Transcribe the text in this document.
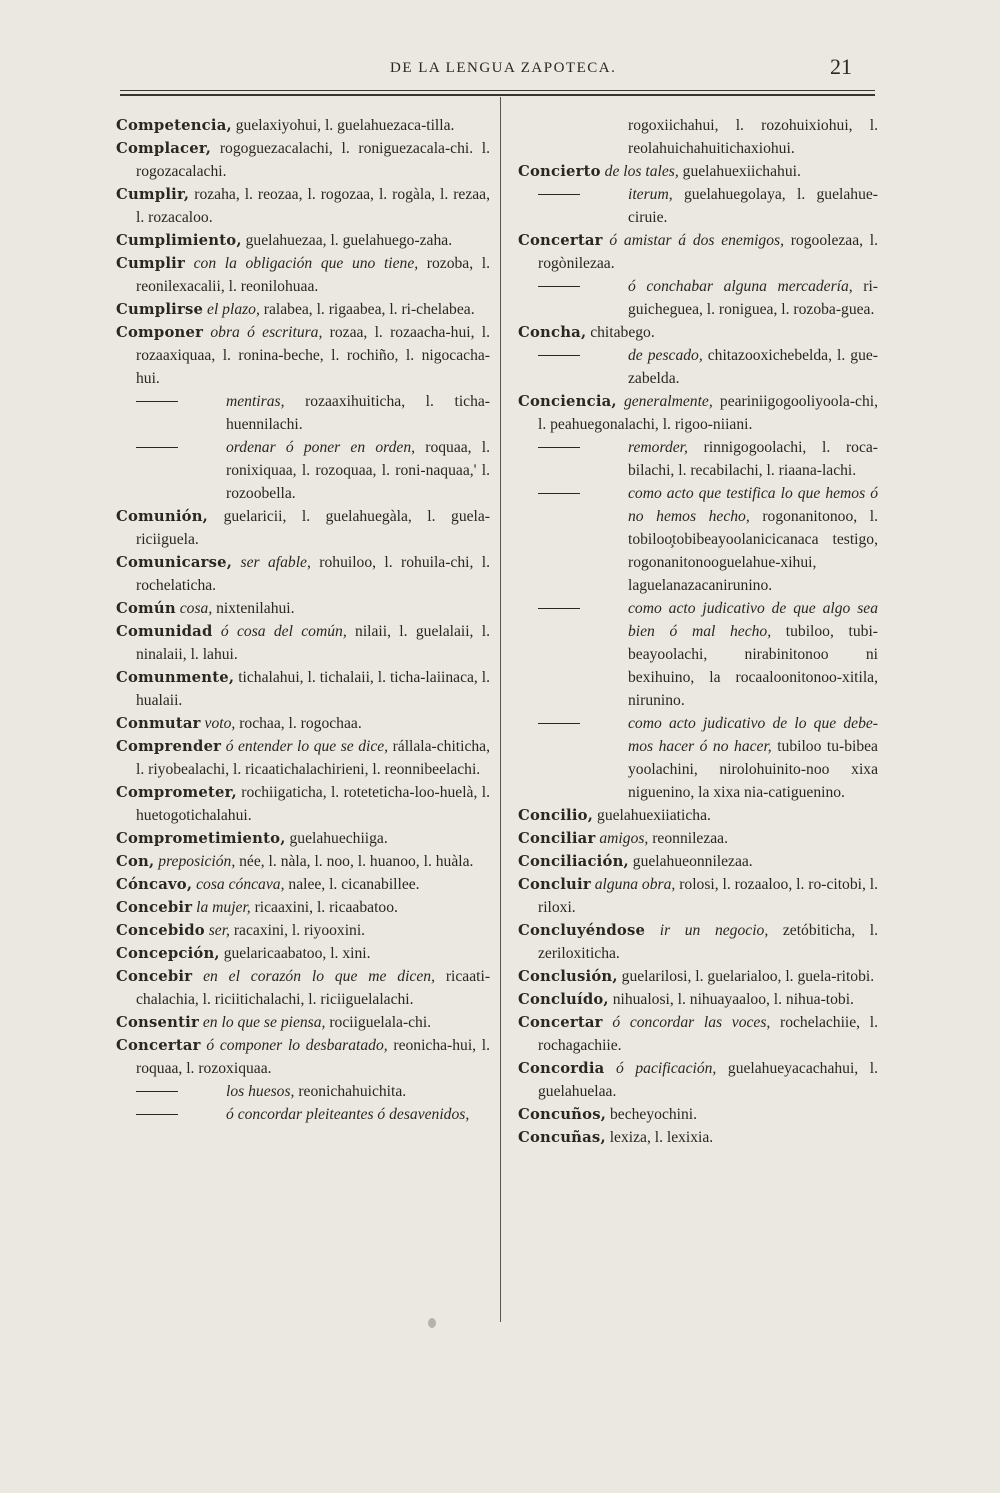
DE LA LENGUA ZAPOTECA.	21

Competencia, guelaxiyohui, l. guelahuezaca-tilla.

Complacer, rogoguezacalachi, l. roniguezacala-chi. l. rogozacalachi.

Cumplir, rozaha, l. reozaa, l. rogozaa, l. rogàla, l. rezaa, l. rozacaloo.

Cumplimiento, guelahuezaa, l. guelahuego-zaha.

Cumplir con la obligación que uno tiene, rozoba, l. reonilexacalii, l. reonilohuaa.

Cumplirse el plazo, ralabea, l. rigaabea, l. ri-chelabea.

Componer obra ó escritura, rozaa, l. rozaacha-hui, l. rozaaxiquaa, l. ronina-beche, l. rochiño, l. nigocacha-hui.

mentiras, rozaaxihuiticha, l. ticha-huennilachi.

ordenar ó poner en orden, roquaa, l. ronixiquaa, l. rozoquaa, l. roni-naquaa,' l. rozoobella.

Comunión, guelaricii, l. guelahuegàla, l. guela-riciiguela.

Comunicarse, ser afable, rohuiloo, l. rohuila-chi, l. rochelaticha.

Común cosa, nixtenilahui.

Comunidad ó cosa del común, nilaii, l. guelalaii, l. ninalaii, l. lahui.

Comunmente, tichalahui, l. tichalaii, l. ticha-laiinaca, l. hualaii.

Conmutar voto, rochaa, l. rogochaa.

Comprender ó entender lo que se dice, rállala-chiticha, l. riyobealachi, l. ricaatichalachirieni, l. reonnibeelachi.

Comprometer, rochiigaticha, l. roteteticha-loo-huelà, l. huetogotichalahui.

Comprometimiento, guelahuechiiga.

Con, preposición, née, l. nàla, l. noo, l. huanoo, l. huàla.

Cóncavo, cosa cóncava, nalee, l. cicanabillee.

Concebir la mujer, ricaaxini, l. ricaabatoo.

Concebido ser, racaxini, l. riyooxini.

Concepción, guelaricaabatoo, l. xini.

Concebir en el corazón lo que me dicen, ricaati-chalachia, l. riciitichalachi, l. riciiguelalachi.

Consentir en lo que se piensa, rociiguelala-chi.

Concertar ó componer lo desbaratado, reonicha-hui, l. roquaa, l. rozoxiquaa.

los huesos, reonichahuichita.

ó concordar pleiteantes ó desavenidos,

rogoxiichahui, l. rozohuixiohui, l. reolahuichahuitichaxiohui.

Concierto de los tales, guelahuexiichahui.

iterum, guelahuegolaya, l. guelahue-ciruie.

Concertar ó amistar á dos enemigos, rogoolezaa, l. rogònilezaa.

ó conchabar alguna mercadería, ri-guicheguea, l. roniguea, l. rozoba-guea.

Concha, chitabego.

de pescado, chitazooxichebelda, l. gue-zabelda.

Conciencia, generalmente, peariniigogooliyoola-chi, l. peahuegonalachi, l. rigoo-niiani.

remorder, rinnigogoolachi, l. roca-bilachi, l. recabilachi, l. riaana-lachi.

como acto que testifica lo que hemos ó no hemos hecho, rogonanitonoo, l. tobiloo̧tobibeayoolanicicanaca testigo, rogonanitonooguelahue-xihui, laguelanazacanirunino.

como acto judicativo de que algo sea bien ó mal hecho, tubiloo, tubi-beayoolachi, nirabinitonoo ni bexihuino, la rocaaloonitonoo-xitila, nirunino.

como acto judicativo de lo que debe-mos hacer ó no hacer, tubiloo tu-bibea yoolachini, nirolohuinito-noo xixa niguenino, la xixa nia-catiguenino.

Concilio, guelahuexiiaticha.

Conciliar amigos, reonnilezaa.

Conciliación, guelahueonnilezaa.

Concluir alguna obra, rolosi, l. rozaaloo, l. ro-citobi, l. riloxi.

Concluyéndose ir un negocio, zetóbiticha, l. zeriloxiticha.

Conclusión, guelarilosi, l. guelarialoo, l. guela-ritobi.

Concluído, nihualosi, l. nihuayaaloo, l. nihua-tobi.

Concertar ó concordar las voces, rochelachiie, l. rochagachiie.

Concordia ó pacificación, guelahueyacachahui, l. guelahuelaa.

Concuños, becheyochini.

Concuñas, lexiza, l. lexixia.
